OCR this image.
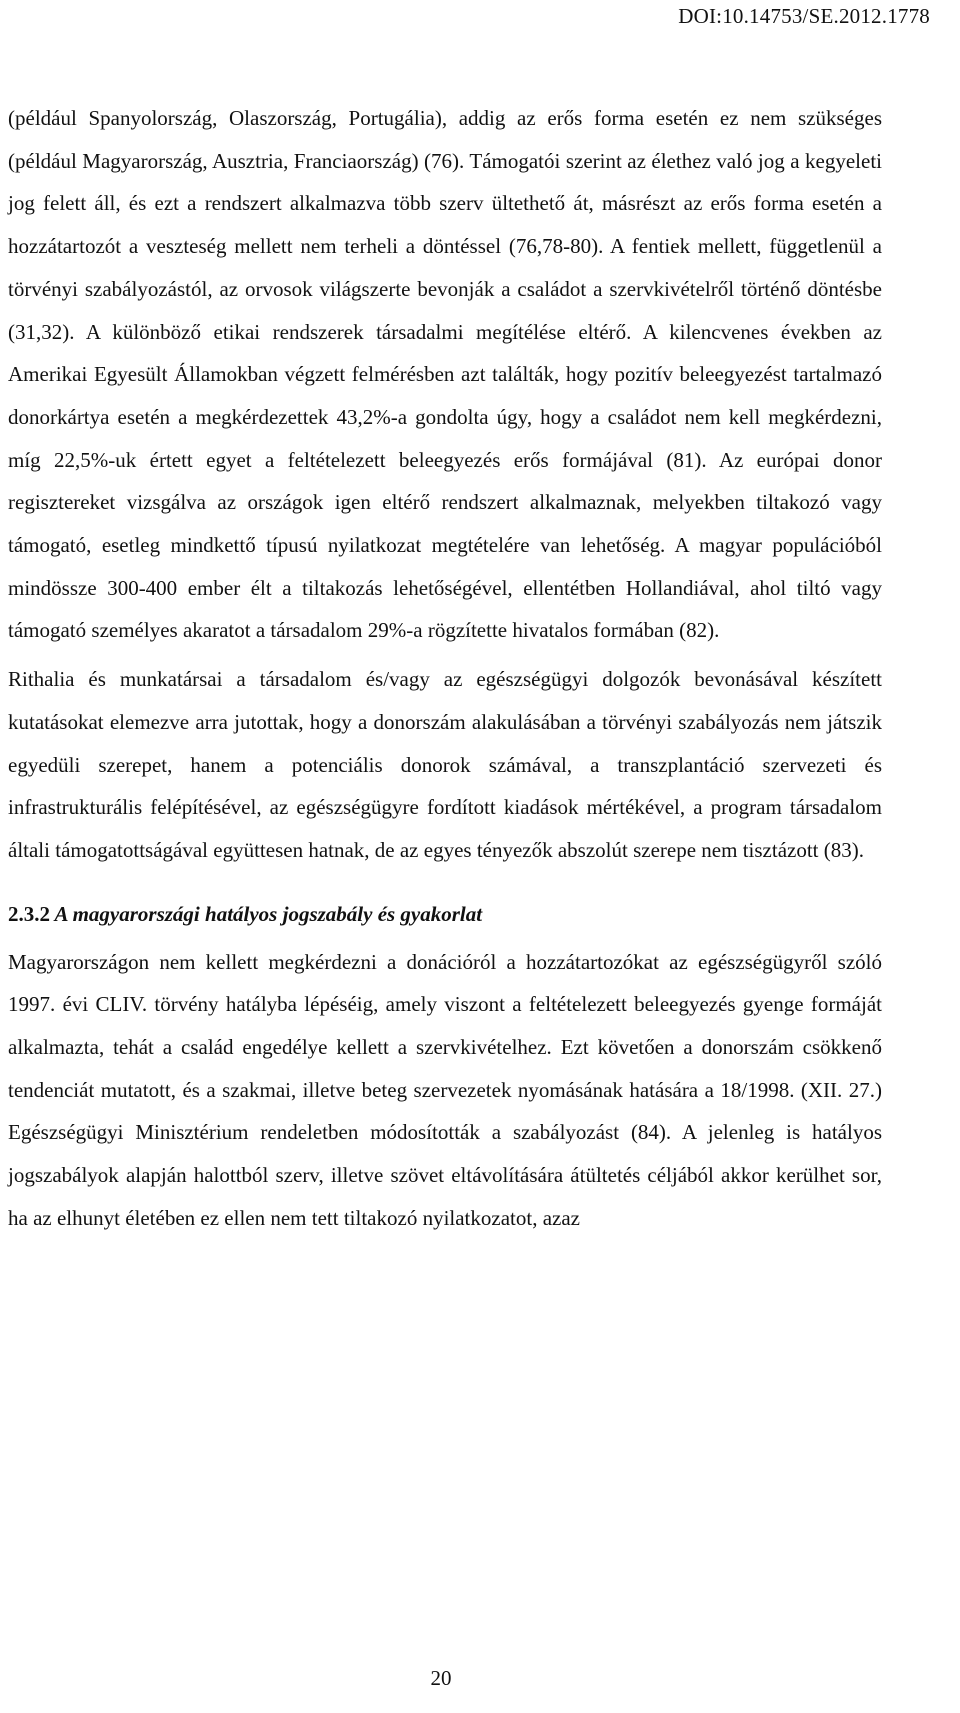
DOI:10.14753/SE.2012.1778

(például Spanyolország, Olaszország, Portugália), addig az erős forma esetén ez nem szükséges (például Magyarország, Ausztria, Franciaország) (76). Támogatói szerint az élethez való jog a kegyeleti jog felett áll, és ezt a rendszert alkalmazva több szerv ültethető át, másrészt az erős forma esetén a hozzátartozót a veszteség mellett nem terheli a döntéssel (76,78-80). A fentiek mellett, függetlenül a törvényi szabályozástól, az orvosok világszerte bevonják a családot a szervkivételről történő döntésbe (31,32). A különböző etikai rendszerek társadalmi megítélése eltérő. A kilencvenes években az Amerikai Egyesült Államokban végzett felmérésben azt találták, hogy pozitív beleegyezést tartalmazó donorkártya esetén a megkérdezettek 43,2%-a gondolta úgy, hogy a családot nem kell megkérdezni, míg 22,5%-uk értett egyet a feltételezett beleegyezés erős formájával (81). Az európai donor regisztereket vizsgálva az országok igen eltérő rendszert alkalmaznak, melyekben tiltakozó vagy támogató, esetleg mindkettő típusú nyilatkozat megtételére van lehetőség. A magyar populációból mindössze 300-400 ember élt a tiltakozás lehetőségével, ellentétben Hollandiával, ahol tiltó vagy támogató személyes akaratot a társadalom 29%-a rögzítette hivatalos formában (82).

Rithalia és munkatársai a társadalom és/vagy az egészségügyi dolgozók bevonásával készített kutatásokat elemezve arra jutottak, hogy a donorszám alakulásában a törvényi szabályozás nem játszik egyedüli szerepet, hanem a potenciális donorok számával, a transzplantáció szervezeti és infrastrukturális felépítésével, az egészségügyre fordított kiadások mértékével, a program társadalom általi támogatottságával együttesen hatnak, de az egyes tényezők abszolút szerepe nem tisztázott (83).

2.3.2 A magyarországi hatályos jogszabály és gyakorlat

Magyarországon nem kellett megkérdezni a donációról a hozzátartozókat az egészségügyről szóló 1997. évi CLIV. törvény hatályba lépéséig, amely viszont a feltételezett beleegyezés gyenge formáját alkalmazta, tehát a család engedélye kellett a szervkivételhez. Ezt követően a donorszám csökkenő tendenciát mutatott, és a szakmai, illetve beteg szervezetek nyomásának hatására a 18/1998. (XII. 27.) Egészségügyi Minisztérium rendeletben módosították a szabályozást (84). A jelenleg is hatályos jogszabályok alapján halottból szerv, illetve szövet eltávolítására átültetés céljából akkor kerülhet sor, ha az elhunyt életében ez ellen nem tett tiltakozó nyilatkozatot, azaz

20
